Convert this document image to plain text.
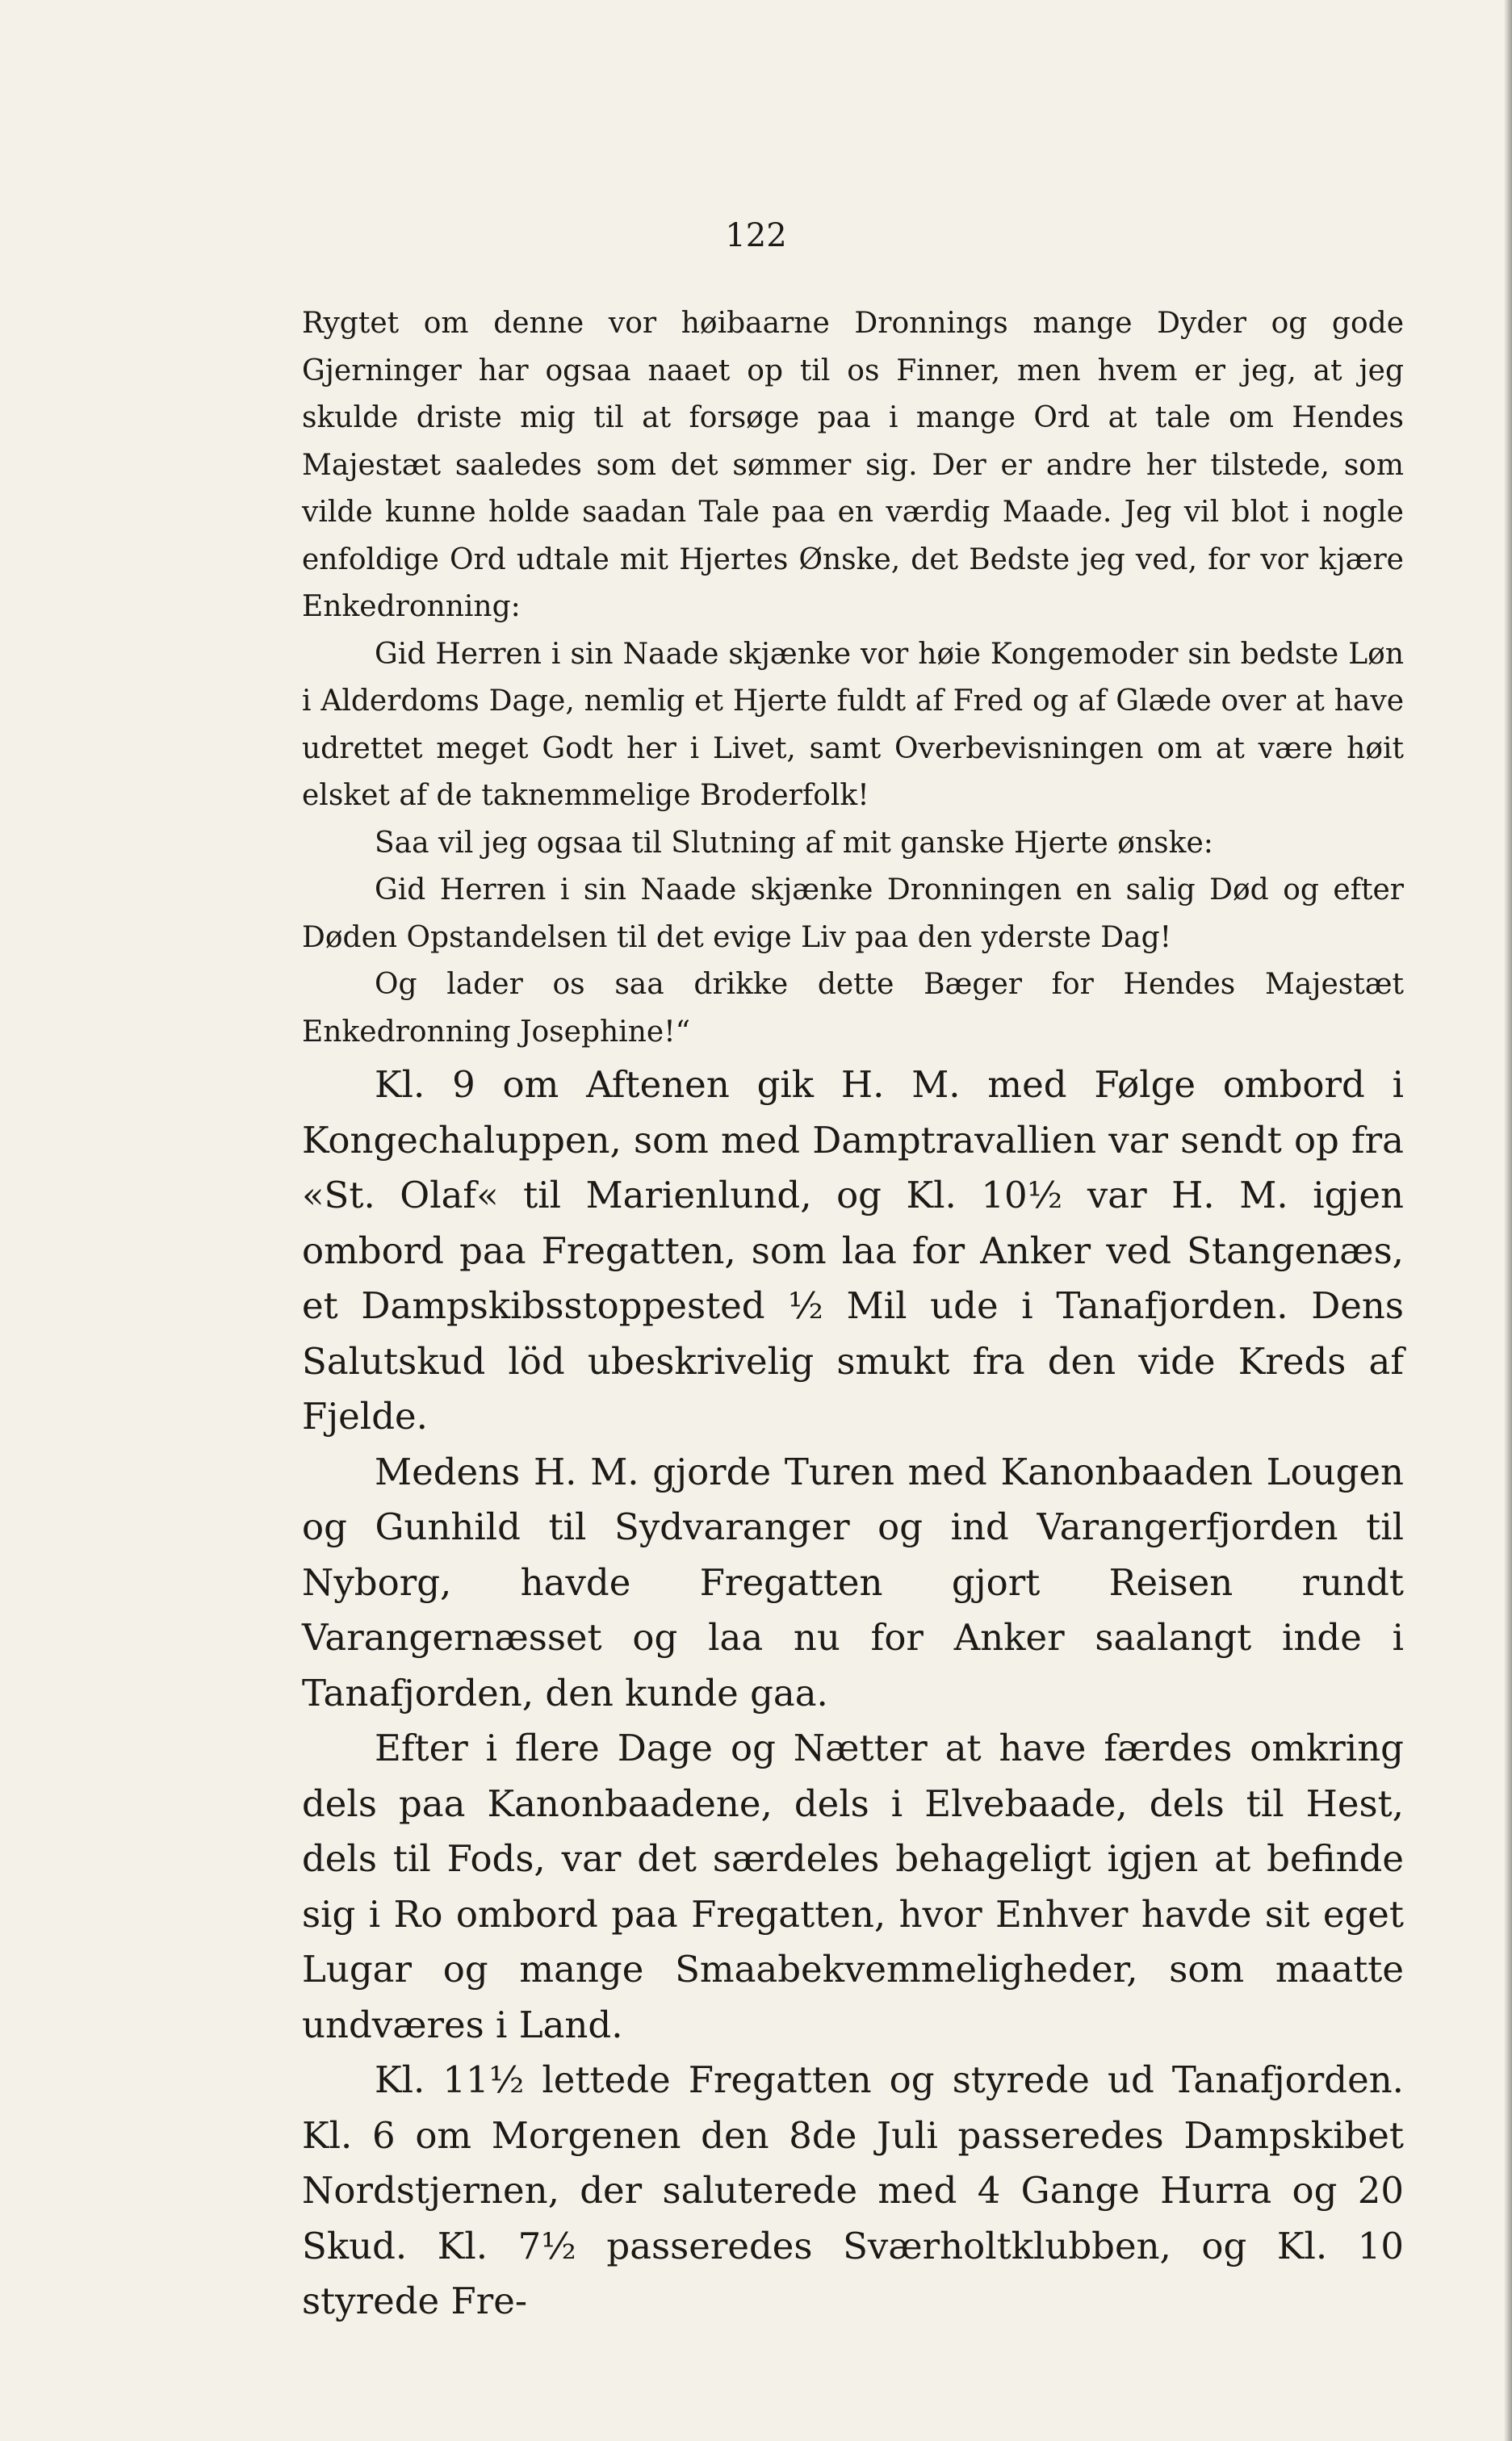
122

Rygtet om denne vor høibaarne Dronnings mange Dyder og gode Gjerninger har ogsaa naaet op til os Finner, men hvem er jeg, at jeg skulde driste mig til at forsøge paa i mange Ord at tale om Hendes Majestæt saaledes som det sømmer sig. Der er andre her tilstede, som vilde kunne holde saadan Tale paa en værdig Maade. Jeg vil blot i nogle enfoldige Ord udtale mit Hjertes Ønske, det Bedste jeg ved, for vor kjære Enkedronning:

Gid Herren i sin Naade skjænke vor høie Kongemoder sin bedste Løn i Alderdoms Dage, nemlig et Hjerte fuldt af Fred og af Glæde over at have udrettet meget Godt her i Livet, samt Overbevisningen om at være høit elsket af de taknemmelige Broderfolk!

Saa vil jeg ogsaa til Slutning af mit ganske Hjerte ønske:

Gid Herren i sin Naade skjænke Dronningen en salig Død og efter Døden Opstandelsen til det evige Liv paa den yderste Dag!

Og lader os saa drikke dette Bæger for Hendes Majestæt Enkedronning Josephine!“

Kl. 9 om Aftenen gik H. M. med Følge ombord i Kongechaluppen, som med Damptravallien var sendt op fra «St. Olaf« til Marienlund, og Kl. 10½ var H. M. igjen ombord paa Fregatten, som laa for Anker ved Stangenæs, et Dampskibsstoppested ½ Mil ude i Tanafjorden. Dens Salutskud löd ubeskrivelig smukt fra den vide Kreds af Fjelde.

Medens H. M. gjorde Turen med Kanonbaaden Lougen og Gunhild til Sydvaranger og ind Varangerfjorden til Nyborg, havde Fregatten gjort Reisen rundt Varangernæsset og laa nu for Anker saalangt inde i Tanafjorden, den kunde gaa.

Efter i flere Dage og Nætter at have færdes omkring dels paa Kanonbaadene, dels i Elvebaade, dels til Hest, dels til Fods, var det særdeles behageligt igjen at befinde sig i Ro ombord paa Fregatten, hvor Enhver havde sit eget Lugar og mange Smaabekvemmeligheder, som maatte undværes i Land.

Kl. 11½ lettede Fregatten og styrede ud Tanafjorden. Kl. 6 om Morgenen den 8de Juli passeredes Dampskibet Nordstjernen, der saluterede med 4 Gange Hurra og 20 Skud. Kl. 7½ passeredes Sværholtklubben, og Kl. 10 styrede Fre-
